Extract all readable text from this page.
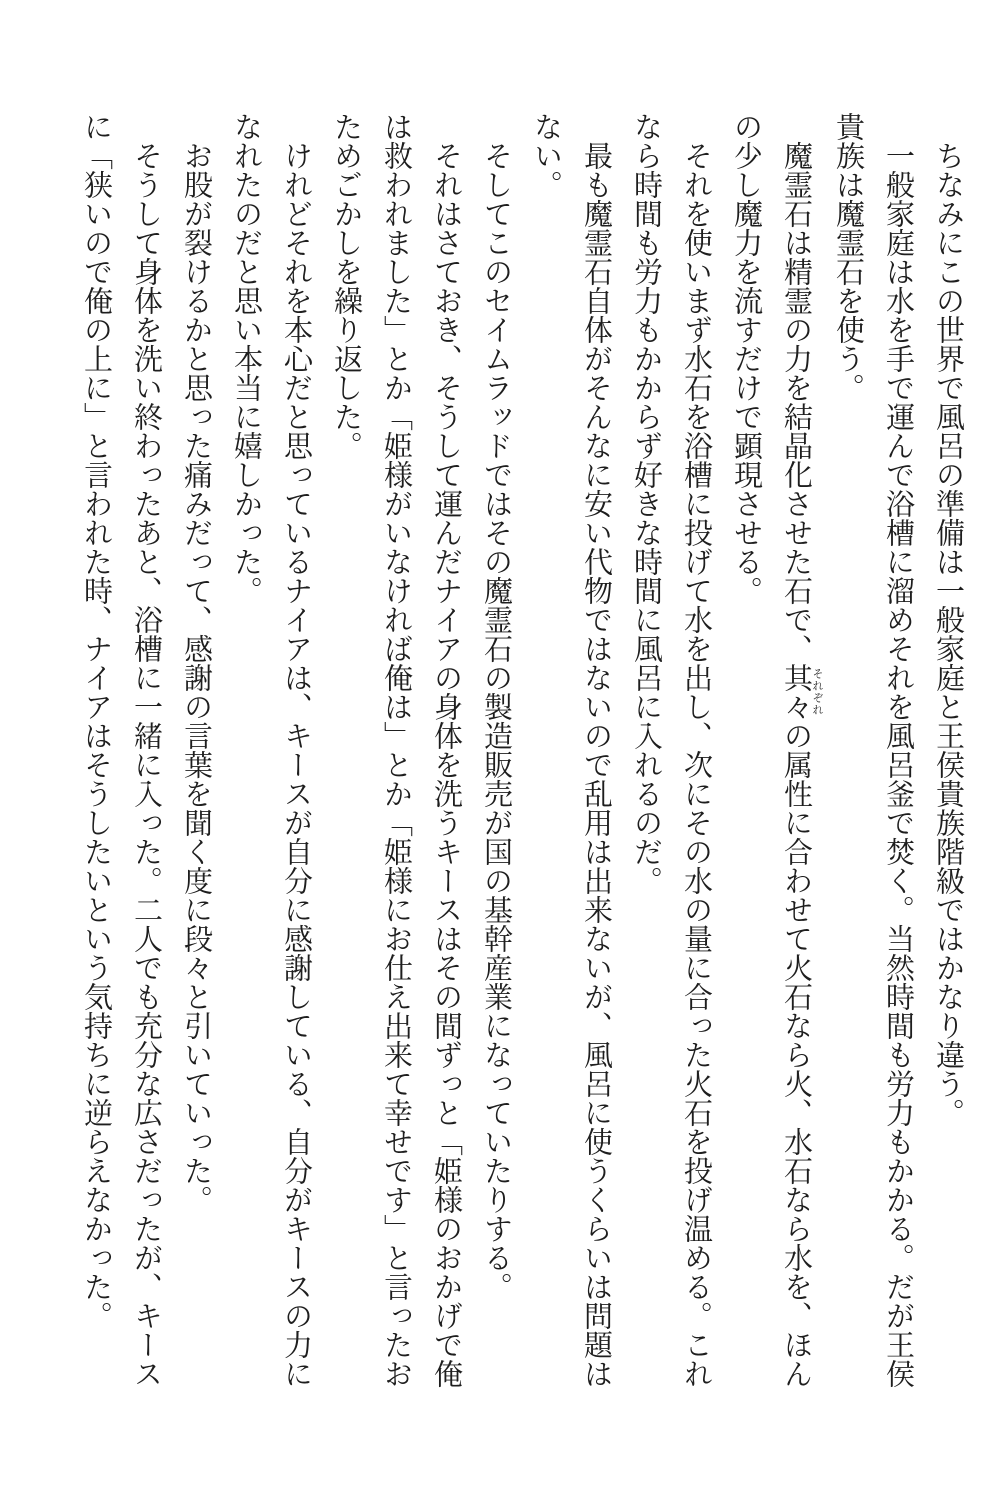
ちなみにこの世界で風呂の準備は一般家庭と王侯貴族階級ではかなり違う。
一般家庭は水を手で運んで浴槽に溜めそれを風呂釜で焚く。当然時間も労力もかかる。だが王侯
貴族は魔霊石を使う。
魔霊石は精霊の力を結晶化させた石で、其々 それぞれの属性に合わせて火石なら火、水石なら水を、ほん
の少し魔力を流すだけで顕現させる。
それを使いまず水石を浴槽に投げて水を出し、次にその水の量に合った火石を投げ温める。これ
なら時間も労力もかからず好きな時間に風呂に入れるのだ。
最も魔霊石自体がそんなに安い代物ではないので乱用は出来ないが、風呂に使うくらいは問題は
ない。
そしてこのセイムラッドではその魔霊石の製造販売が国の基幹産業になっていたりする。
それはさておき、そうして運んだナイアの身体を洗うキースはその間ずっと「姫様のおかげで俺
は救われました」とか「姫様がいなければ俺は」とか「姫様にお仕え出来て幸せです」と言ったお
ためごかしを繰り返した。
けれどそれを本心だと思っているナイアは、キースが自分に感謝している、自分がキースの力に
なれたのだと思い本当に嬉しかった。
お股が裂けるかと思った痛みだって、感謝の言葉を聞く度に段々と引いていった。
そうして身体を洗い終わったあと、浴槽に一緒に入った。二人でも充分な広さだったが、キース
に「狭いので俺の上に」と言われた時、ナイアはそうしたいという気持ちに逆らえなかった。
